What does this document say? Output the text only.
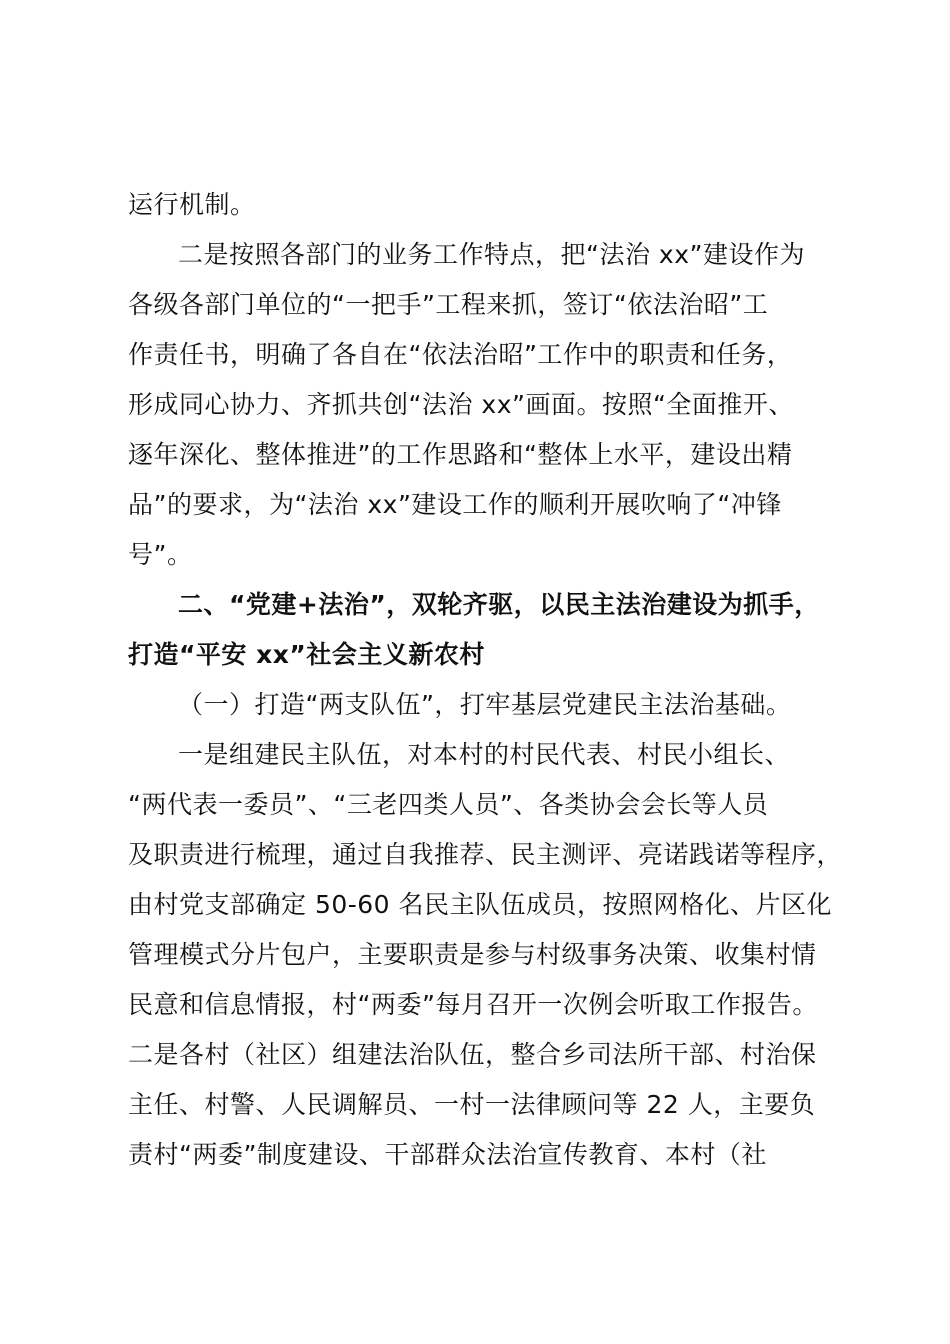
运行机制。
二是按照各部门的业务工作特点，把“法治 xx”建设作为
各级各部门单位的“一把手”工程来抓，签订“依法治昭”工
作责任书，明确了各自在“依法治昭”工作中的职责和任务，
形成同心协力、齐抓共创“法治 xx”画面。按照“全面推开、
逐年深化、整体推进”的工作思路和“整体上水平，建设出精
品”的要求，为“法治 xx”建设工作的顺利开展吹响了“冲锋
号”。
二、“党建+法治”，双轮齐驱，以民主法治建设为抓手，
打造“平安 xx”社会主义新农村
（一）打造“两支队伍”，打牢基层党建民主法治基础。
一是组建民主队伍，对本村的村民代表、村民小组长、
“两代表一委员”、“三老四类人员”、各类协会会长等人员
及职责进行梳理，通过自我推荐、民主测评、亮诺践诺等程序，
由村党支部确定 50-60 名民主队伍成员，按照网格化、片区化
管理模式分片包户，主要职责是参与村级事务决策、收集村情
民意和信息情报，村“两委”每月召开一次例会听取工作报告。
二是各村（社区）组建法治队伍，整合乡司法所干部、村治保
主任、村警、人民调解员、一村一法律顾问等 22 人，主要负
责村“两委”制度建设、干部群众法治宣传教育、本村（社
